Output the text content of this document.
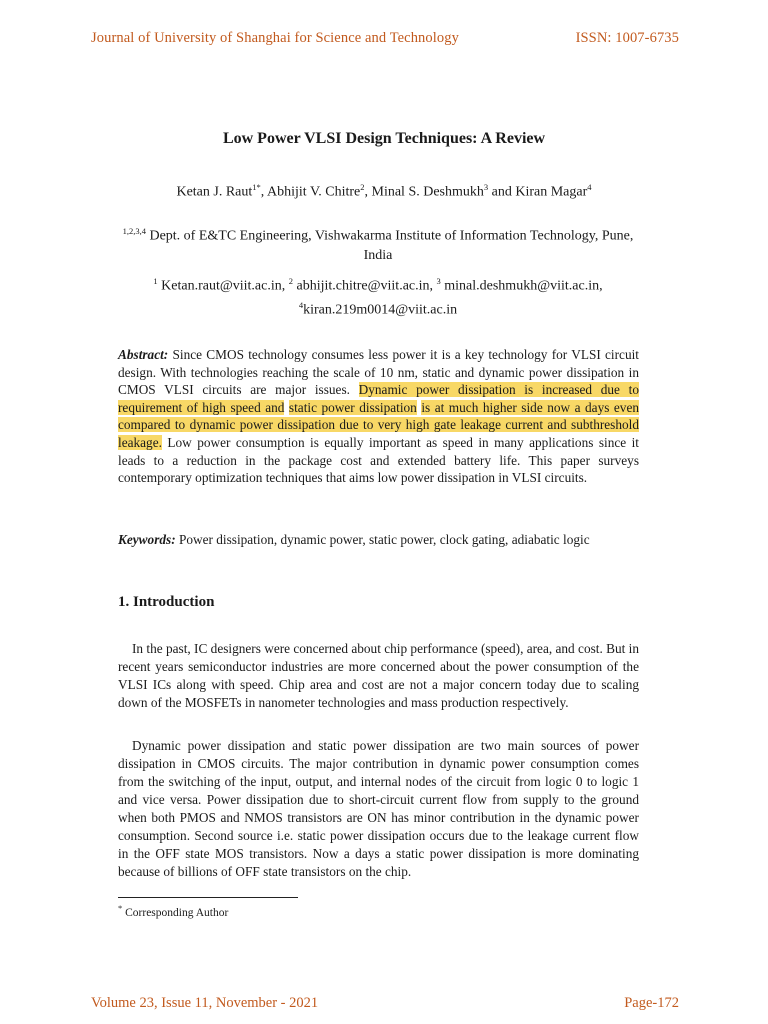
Journal of University of Shanghai for Science and Technology	ISSN: 1007-6735
Low Power VLSI Design Techniques: A Review
Ketan J. Raut$^{1*}$, Abhijit V. Chitre$^2$, Minal S. Deshmukh$^3$ and Kiran Magar$^4$
$^{1,2,3,4}$ Dept. of E&TC Engineering, Vishwakarma Institute of Information Technology, Pune, India
$^1$ Ketan.raut@viit.ac.in, $^2$ abhijit.chitre@viit.ac.in, $^3$ minal.deshmukh@viit.ac.in,
$^4$kiran.219m0014@viit.ac.in
Abstract: Since CMOS technology consumes less power it is a key technology for VLSI circuit design. With technologies reaching the scale of 10 nm, static and dynamic power dissipation in CMOS VLSI circuits are major issues. Dynamic power dissipation is increased due to requirement of high speed and static power dissipation is at much higher side now a days even compared to dynamic power dissipation due to very high gate leakage current and subthreshold leakage. Low power consumption is equally important as speed in many applications since it leads to a reduction in the package cost and extended battery life. This paper surveys contemporary optimization techniques that aims low power dissipation in VLSI circuits.
Keywords: Power dissipation, dynamic power, static power, clock gating, adiabatic logic
1. Introduction
In the past, IC designers were concerned about chip performance (speed), area, and cost. But in recent years semiconductor industries are more concerned about the power consumption of the VLSI ICs along with speed. Chip area and cost are not a major concern today due to scaling down of the MOSFETs in nanometer technologies and mass production respectively.
Dynamic power dissipation and static power dissipation are two main sources of power dissipation in CMOS circuits. The major contribution in dynamic power consumption comes from the switching of the input, output, and internal nodes of the circuit from logic 0 to logic 1 and vice versa. Power dissipation due to short-circuit current flow from supply to the ground when both PMOS and NMOS transistors are ON has minor contribution in the dynamic power consumption. Second source i.e. static power dissipation occurs due to the leakage current flow in the OFF state MOS transistors. Now a days a static power dissipation is more dominating because of billions of OFF state transistors on the chip.
* Corresponding Author
Volume 23, Issue 11, November - 2021	Page-172
